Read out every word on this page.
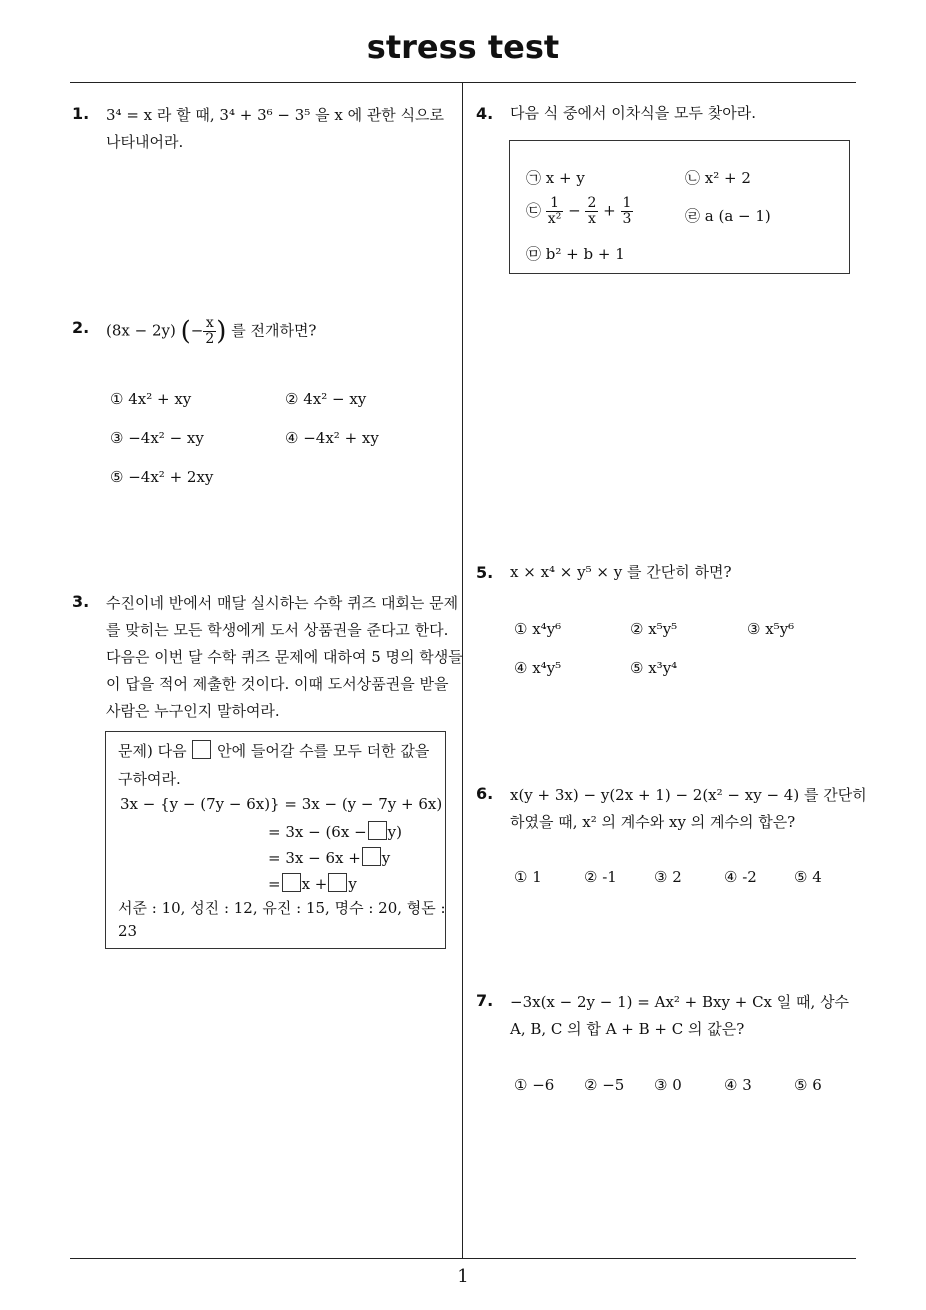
stress test
1
1. 3⁴ = x 라 할 때, 3⁴ + 3⁶ − 3⁵ 을 x 에 관한 식으로
나타내어라.
2. (8x − 2y) (− $\frac{x}{2}$ ) 를 전개하면?
① 4x² + xy	② 4x² − xy
③ −4x² − xy	④ −4x² + xy
⑤ −4x² + 2xy
3. 수진이네 반에서 매달 실시하는 수학 퀴즈 대회는 문제
를 맞히는 모든 학생에게 도서 상품권을 준다고 한다.
다음은 이번 달 수학 퀴즈 문제에 대하여 5 명의 학생들
이 답을 적어 제출한 것이다. 이때 도서상품권을 받을
사람은 누구인지 말하여라.
문제) 다음 안에 들어갈 수를 모두 더한 값을
구하여라.
3x − {y − (7y − 6x)} = 3x − (y − 7y + 6x)
= 3x − (6x − y)
= 3x − 6x + y
= x + y
서준 : 10, 성진 : 12, 유진 : 15, 명수 : 20, 형돈 :
23
4. 다음 식 중에서 이차식을 모두 찾아라.
㉠ x + y	㉡ x² + 2
㉢ $\frac{1}{\text{x²}} - \frac{2}{x} + \frac{1}{3}$	㉣ a (a − 1)
㉤ b² + b + 1
5. x × x⁴ × y⁵ × y 를 간단히 하면?
① x⁴y⁶	② x⁵y⁵	③ x⁵y⁶
④ x⁴y⁵	⑤ x³y⁴
6. x(y + 3x) − y(2x + 1) − 2(x² − xy − 4) 를 간단히
하였을 때, x² 의 계수와 xy 의 계수의 합은?
① 1	② -1 ③ 2	④ -2 ⑤ 4
7. −3x(x − 2y − 1) = Ax² + Bxy + Cx 일 때, 상수
A, B, C 의 합 A + B + C 의 값은?
① −6 ② −5 ③ 0	④ 3	⑤ 6
